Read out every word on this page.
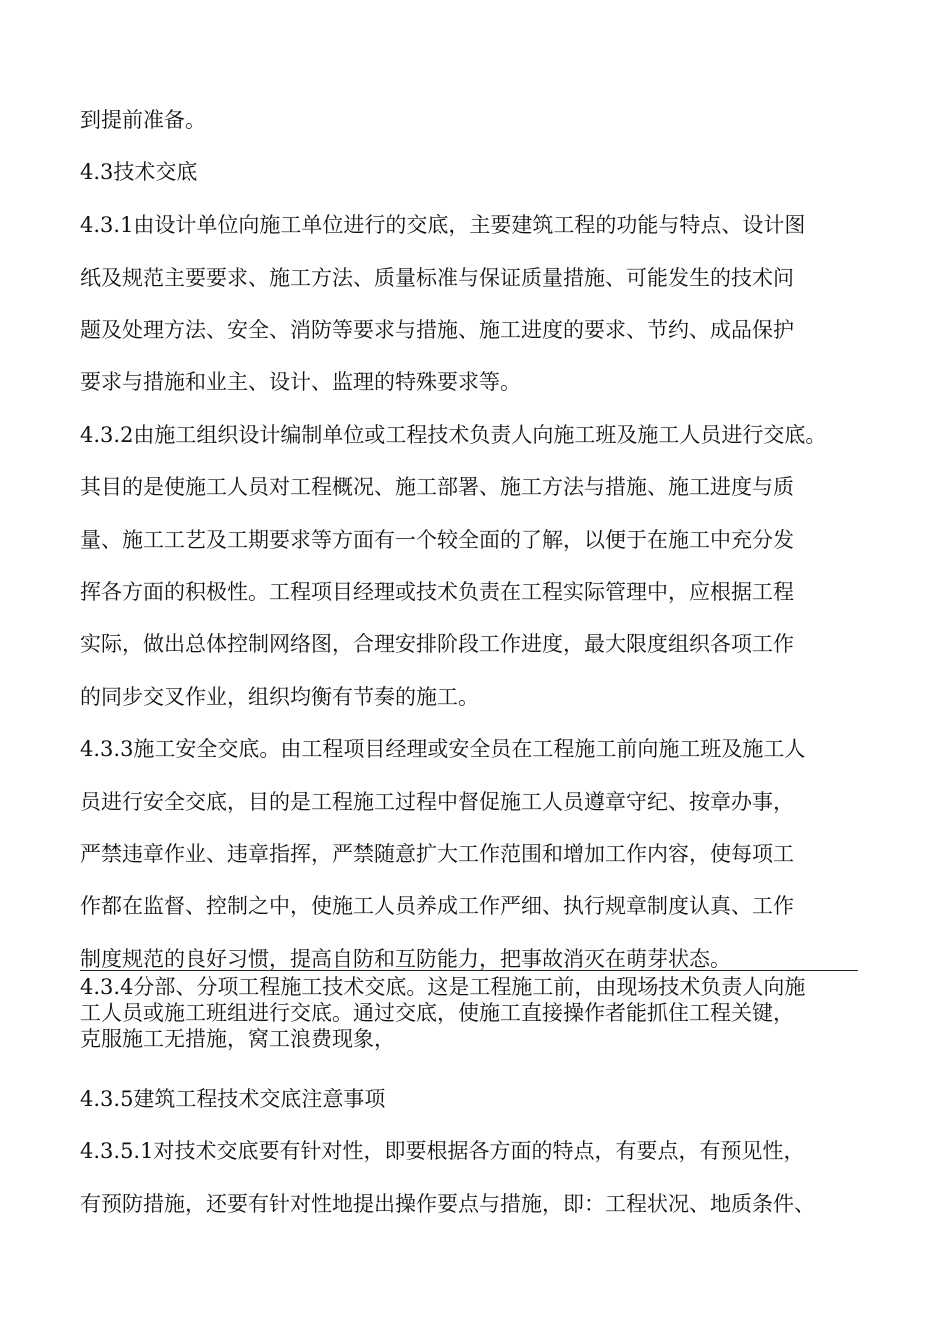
到提前准备。
4.3技术交底
4.3.1由设计单位向施工单位进行的交底，主要建筑工程的功能与特点、设计图
纸及规范主要要求、施工方法、质量标准与保证质量措施、可能发生的技术问
题及处理方法、安全、消防等要求与措施、施工进度的要求、节约、成品保护
要求与措施和业主、设计、监理的特殊要求等。
4.3.2由施工组织设计编制单位或工程技术负责人向施工班及施工人员进行交底。
其目的是使施工人员对工程概况、施工部署、施工方法与措施、施工进度与质
量、施工工艺及工期要求等方面有一个较全面的了解，以便于在施工中充分发
挥各方面的积极性。工程项目经理或技术负责在工程实际管理中，应根据工程
实际，做出总体控制网络图，合理安排阶段工作进度，最大限度组织各项工作
的同步交叉作业，组织均衡有节奏的施工。
4.3.3施工安全交底。由工程项目经理或安全员在工程施工前向施工班及施工人
员进行安全交底，目的是工程施工过程中督促施工人员遵章守纪、按章办事，
严禁违章作业、违章指挥，严禁随意扩大工作范围和增加工作内容，使每项工
作都在监督、控制之中，使施工人员养成工作严细、执行规章制度认真、工作
制度规范的良好习惯，提高自防和互防能力，把事故消灭在萌芽状态。
4.3.4分部、分项工程施工技术交底。这是工程施工前，由现场技术负责人向施
工人员或施工班组进行交底。通过交底，使施工直接操作者能抓住工程关键，
克服施工无措施，窝工浪费现象，
4.3.5建筑工程技术交底注意事项
4.3.5.1对技术交底要有针对性，即要根据各方面的特点，有要点，有预见性，
有预防措施，还要有针对性地提出操作要点与措施，即：工程状况、地质条件、
